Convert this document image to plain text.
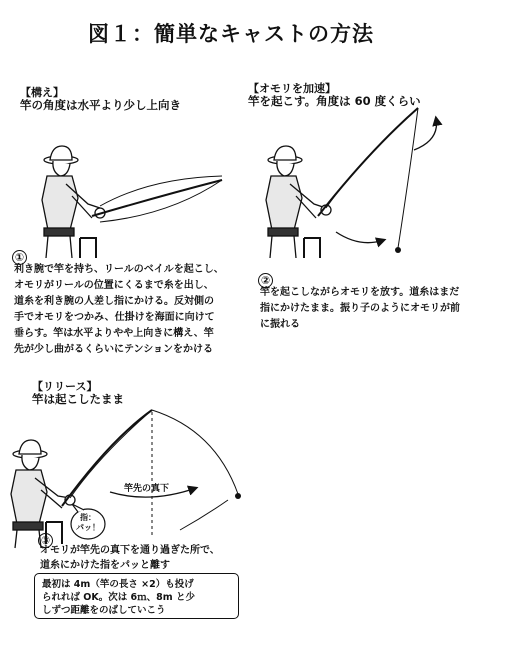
図１：簡単なキャストの方法
【構え】
竿の角度は水平より少し上向き
【オモリを加速】
竿を起こす。角度は 60 度くらい
【リリース】
竿は起こしたまま
①
利き腕で竿を持ち、リールのベイルを起こし、
オモリがリールの位置にくるまで糸を出し、
道糸を利き腕の人差し指にかける。反対側の
手でオモリをつかみ、仕掛けを海面に向けて
垂らす。竿は水平よりやや上向きに構え、竿
先が少し曲がるくらいにテンションをかける
②
竿を起こしながらオモリを放す。道糸はまだ
指にかけたまま。振り子のようにオモリが前
に振れる
竿先の真下
指：
パッ！
③
オモリが竿先の真下を通り過ぎた所で、
道糸にかけた指をパッと離す
最初は 4m（竿の長さ ×2）も投げ
られれば OK。次は 6ｍ、8m と少
しずつ距離をのばしていこう
